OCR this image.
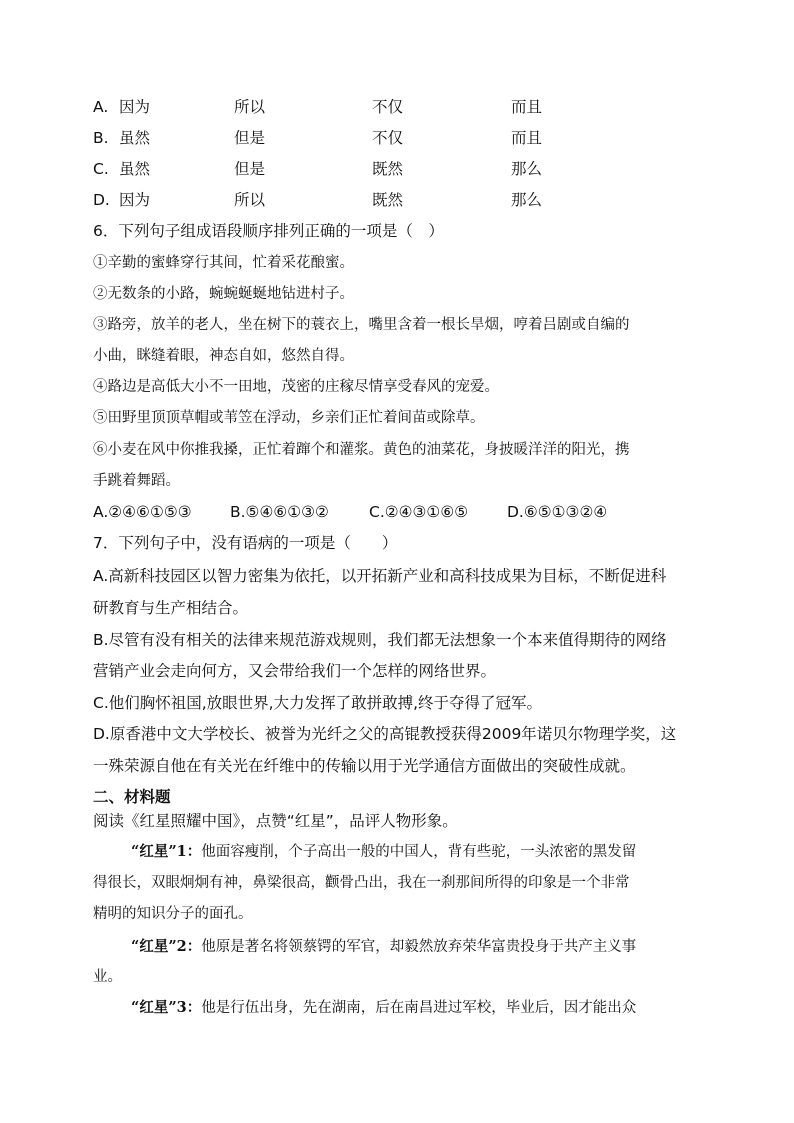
A. 因为	所以	不仅	而且
B. 虽然	但是	不仅	而且
C. 虽然	但是	既然	那么
D. 因为	所以	既然	那么
6．下列句子组成语段顺序排列正确的一项是（　）
①辛勤的蜜蜂穿行其间，忙着采花酿蜜。
②无数条的小路，蜿蜿蜒蜒地钻进村子。
③路旁，放羊的老人，坐在树下的蓑衣上，嘴里含着一根长旱烟，哼着吕剧或自编的
小曲，眯缝着眼，神态自如，悠然自得。
④路边是高低大小不一田地，茂密的庄稼尽情享受春风的宠爱。
⑤田野里顶顶草帽或苇笠在浮动，乡亲们正忙着间苗或除草。
⑥小麦在风中你推我搡，正忙着蹿个和灌浆。黄色的油菜花，身披暖洋洋的阳光，携
手跳着舞蹈。
A.②④⑥①⑤③ B.⑤④⑥①③②	C.②④③①⑥⑤	D.⑥⑤①③②④
7．下列句子中，没有语病的一项是（　　）
A.高新科技园区以智力密集为依托，以开拓新产业和高科技成果为目标，不断促进科
研教育与生产相结合。
B.尽管有没有相关的法律来规范游戏规则，我们都无法想象一个本来值得期待的网络
营销产业会走向何方，又会带给我们一个怎样的网络世界。
C.他们胸怀祖国,放眼世界,大力发挥了敢拼敢搏,终于夺得了冠军。
D.原香港中文大学校长、被誉为光纤之父的高锟教授获得2009年诺贝尔物理学奖，这
一殊荣源自他在有关光在纤维中的传输以用于光学通信方面做出的突破性成就。
二、材料题
阅读《红星照耀中国》，点赞“红星”，品评人物形象。
“红星”1：他面容瘦削，个子高出一般的中国人，背有些驼，一头浓密的黑发留
得很长，双眼炯炯有神，鼻梁很高，颧骨凸出，我在一刹那间所得的印象是一个非常
精明的知识分子的面孔。
“红星”2：他原是著名将领蔡锷的军官，却毅然放弃荣华富贵投身于共产主义事
业。
“红星”3：他是行伍出身，先在湖南，后在南昌进过军校，毕业后，因才能出众
